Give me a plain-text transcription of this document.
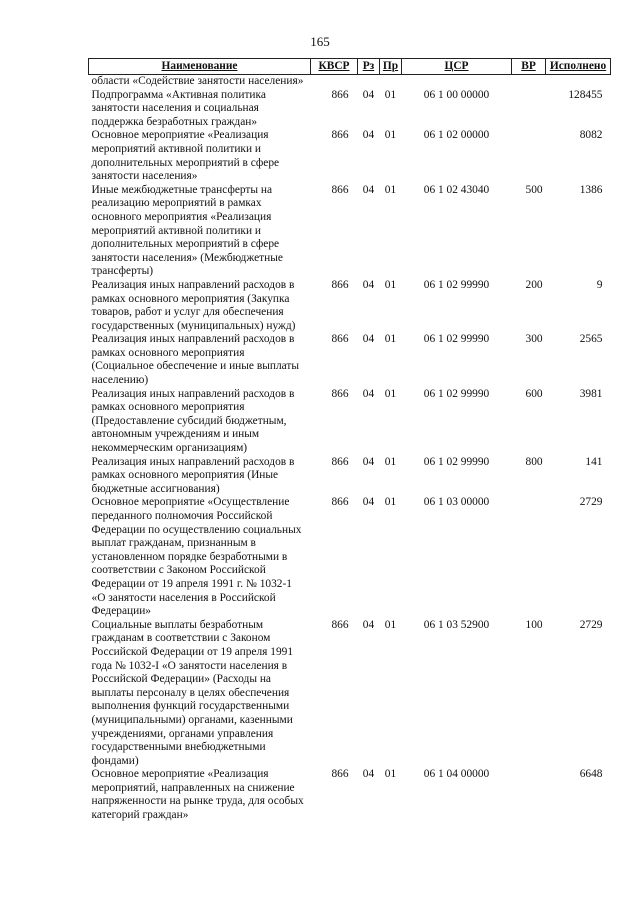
165
Наименование	КВСР	Рз	Пр	ЦСР	ВР	Исполнено
области «Содействие занятости населения»						
Подпрограмма «Активная политика занятости населения и социальная поддержка безработных граждан»	866	04	01	06 1 00 00000		128455
Основное мероприятие «Реализация мероприятий активной политики и дополнительных мероприятий в сфере занятости населения»	866	04	01	06 1 02 00000		8082
Иные межбюджетные трансферты на реализацию мероприятий в рамках основного мероприятия «Реализация мероприятий активной политики и дополнительных мероприятий в сфере занятости населения» (Межбюджетные трансферты)	866	04	01	06 1 02 43040	500	1386
Реализация иных направлений расходов в рамках основного мероприятия (Закупка товаров, работ и услуг для обеспечения государственных (муниципальных) нужд)	866	04	01	06 1 02 99990	200	9
Реализация иных направлений расходов в рамках основного мероприятия (Социальное обеспечение и иные выплаты населению)	866	04	01	06 1 02 99990	300	2565
Реализация иных направлений расходов в рамках основного мероприятия (Предоставление субсидий бюджетным, автономным учреждениям и иным некоммерческим организациям)	866	04	01	06 1 02 99990	600	3981
Реализация иных направлений расходов в рамках основного мероприятия (Иные бюджетные ассигнования)	866	04	01	06 1 02 99990	800	141
Основное мероприятие «Осуществление переданного полномочия Российской Федерации по осуществлению социальных выплат гражданам, признанным в установленном порядке безработными в соответствии с Законом Российской Федерации от 19 апреля 1991 г. № 1032-1 «О занятости населения в Российской Федерации»	866	04	01	06 1 03 00000		2729
Социальные выплаты безработным гражданам в соответствии с Законом Российской Федерации от 19 апреля 1991 года № 1032-I «О занятости населения в Российской Федерации» (Расходы на выплаты персоналу в целях обеспечения выполнения функций государственными (муниципальными) органами, казенными учреждениями, органами управления государственными внебюджетными фондами)	866	04	01	06 1 03 52900	100	2729
Основное мероприятие «Реализация мероприятий, направленных на снижение напряженности на рынке труда, для особых категорий граждан»	866	04	01	06 1 04 00000		6648
